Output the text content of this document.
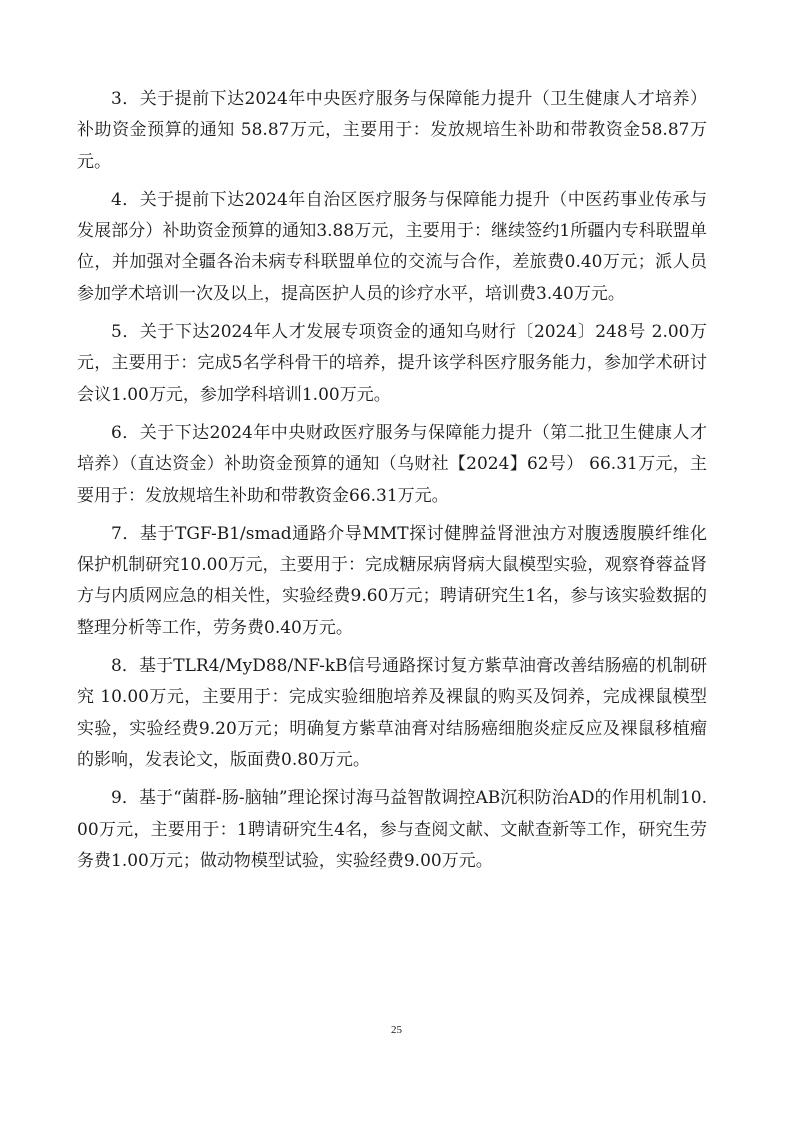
3．关于提前下达2024年中央医疗服务与保障能力提升（卫生健康人才培养）补助资金预算的通知 58.87万元，主要用于：发放规培生补助和带教资金58.87万元。

4．关于提前下达2024年自治区医疗服务与保障能力提升（中医药事业传承与发展部分）补助资金预算的通知3.88万元，主要用于：继续签约1所疆内专科联盟单位，并加强对全疆各治未病专科联盟单位的交流与合作，差旅费0.40万元；派人员参加学术培训一次及以上，提高医护人员的诊疗水平，培训费3.40万元。

5．关于下达2024年人才发展专项资金的通知乌财行〔2024〕248号 2.00万元，主要用于：完成5名学科骨干的培养，提升该学科医疗服务能力，参加学术研讨会议1.00万元，参加学科培训1.00万元。

6．关于下达2024年中央财政医疗服务与保障能力提升（第二批卫生健康人才培养）（直达资金）补助资金预算的通知（乌财社【2024】62号） 66.31万元，主要用于：发放规培生补助和带教资金66.31万元。

7．基于TGF-B1/smad通路介导MMT探讨健脾益肾泄浊方对腹透腹膜纤维化保护机制研究10.00万元，主要用于：完成糖尿病肾病大鼠模型实验，观察脊蓉益肾方与内质网应急的相关性，实验经费9.60万元；聘请研究生1名，参与该实验数据的整理分析等工作，劳务费0.40万元。

8．基于TLR4/MyD88/NF-kB信号通路探讨复方紫草油膏改善结肠癌的机制研究 10.00万元，主要用于：完成实验细胞培养及裸鼠的购买及饲养，完成裸鼠模型实验，实验经费9.20万元；明确复方紫草油膏对结肠癌细胞炎症反应及裸鼠移植瘤的影响，发表论文，版面费0.80万元。

9．基于“菌群-肠-脑轴”理论探讨海马益智散调控AB沉积防治AD的作用机制10.00万元，主要用于：1聘请研究生4名，参与查阅文献、文献查新等工作，研究生劳务费1.00万元；做动物模型试验，实验经费9.00万元。

25
